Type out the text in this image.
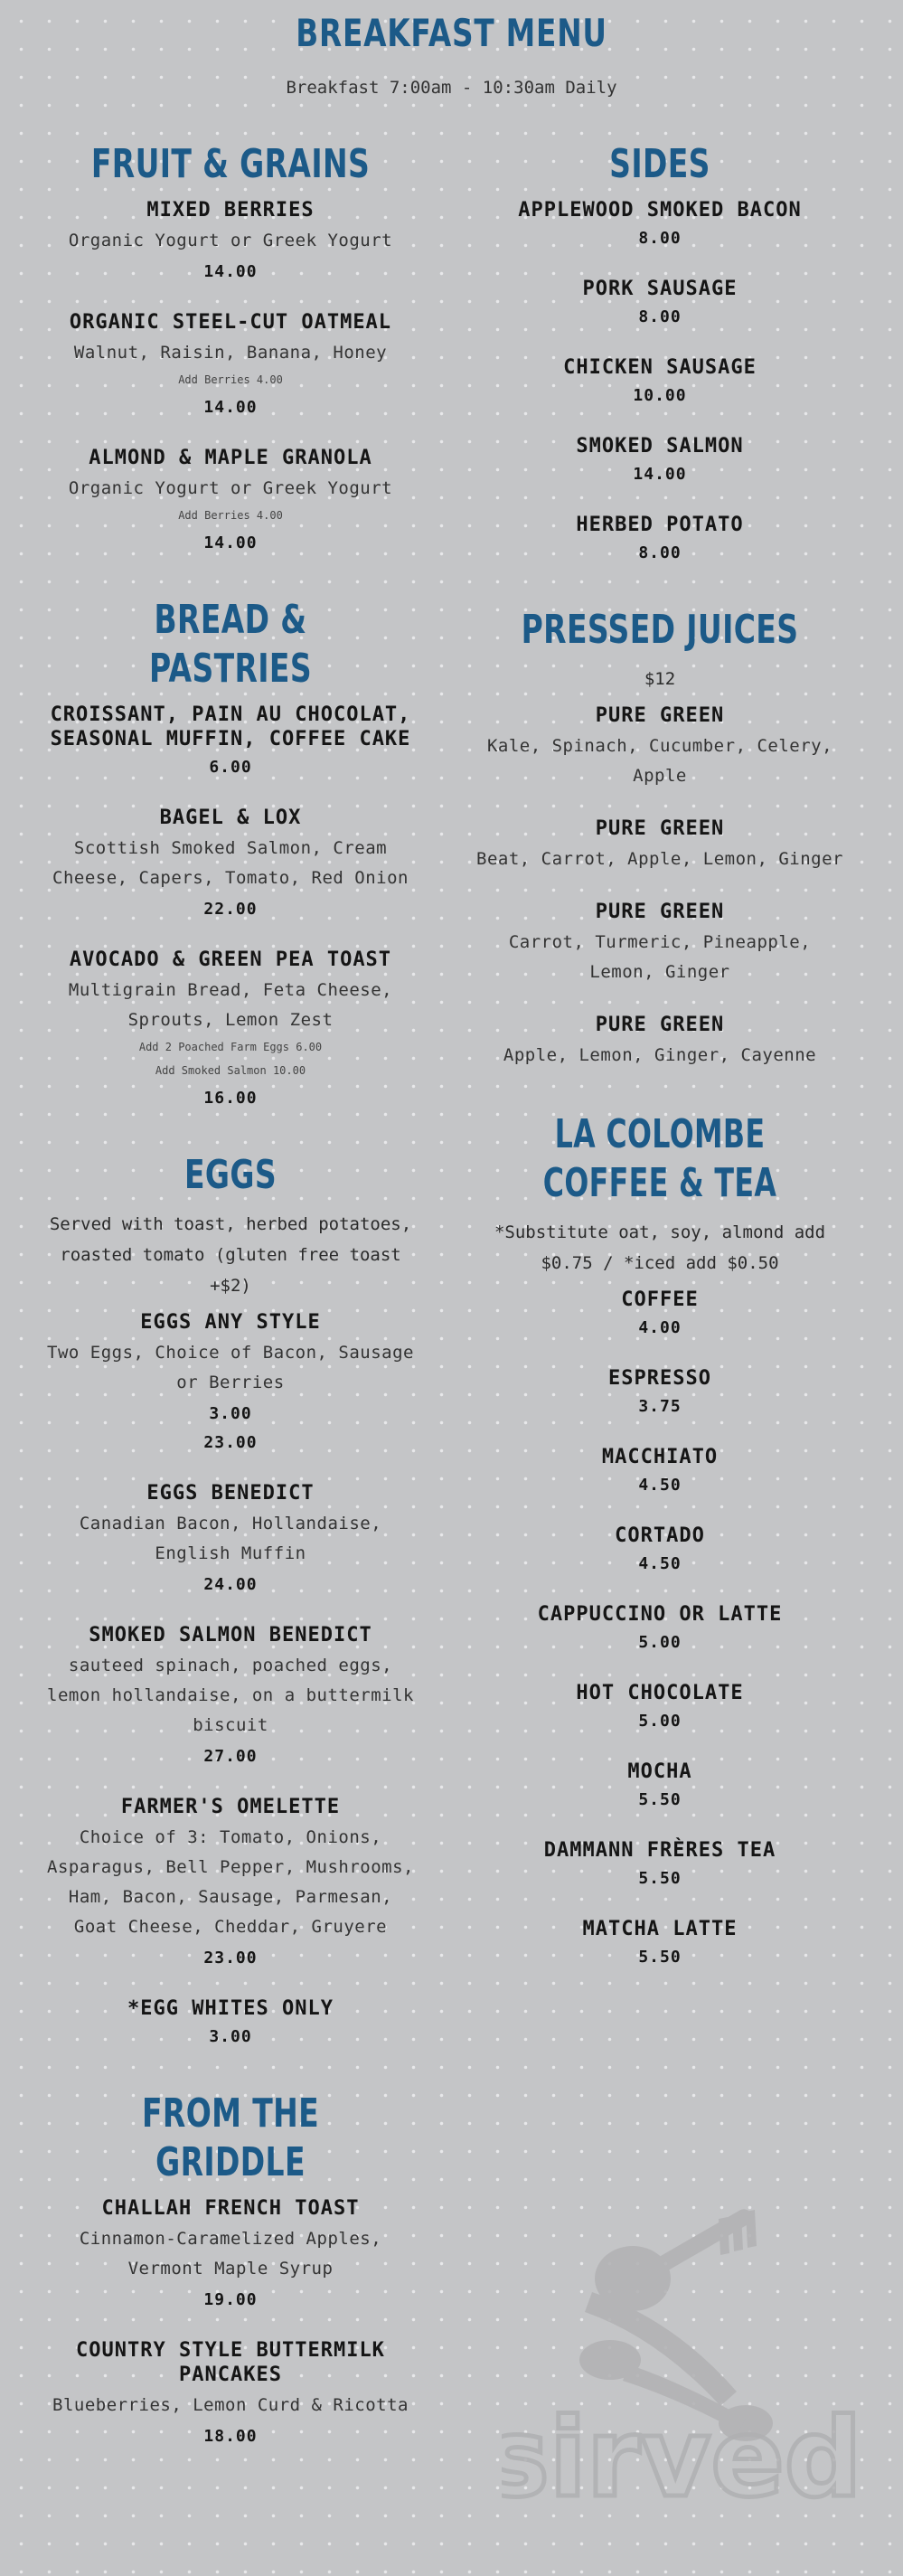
BREAKFAST MENU
Breakfast 7:00am - 10:30am Daily
FRUIT & GRAINS
MIXED BERRIES
Organic Yogurt or Greek Yogurt
14.00
ORGANIC STEEL-CUT OATMEAL
Walnut, Raisin, Banana, Honey
Add Berries 4.00
14.00
ALMOND & MAPLE GRANOLA
Organic Yogurt or Greek Yogurt
Add Berries 4.00
14.00
BREAD & PASTRIES
CROISSANT, PAIN AU CHOCOLAT, SEASONAL MUFFIN, COFFEE CAKE
6.00
BAGEL & LOX
Scottish Smoked Salmon, Cream Cheese, Capers, Tomato, Red Onion
22.00
AVOCADO & GREEN PEA TOAST
Multigrain Bread, Feta Cheese, Sprouts, Lemon Zest
Add 2 Poached Farm Eggs 6.00
Add Smoked Salmon 10.00
16.00
EGGS
Served with toast, herbed potatoes, roasted tomato (gluten free toast +$2)
EGGS ANY STYLE
Two Eggs, Choice of Bacon, Sausage or Berries
3.00
23.00
EGGS BENEDICT
Canadian Bacon, Hollandaise, English Muffin
24.00
SMOKED SALMON BENEDICT
sauteed spinach, poached eggs, lemon hollandaise, on a buttermilk biscuit
27.00
FARMER'S OMELETTE
Choice of 3: Tomato, Onions, Asparagus, Bell Pepper, Mushrooms, Ham, Bacon, Sausage, Parmesan, Goat Cheese, Cheddar, Gruyere
23.00
*EGG WHITES ONLY
3.00
FROM THE GRIDDLE
CHALLAH FRENCH TOAST
Cinnamon-Caramelized Apples, Vermont Maple Syrup
19.00
COUNTRY STYLE BUTTERMILK PANCAKES
Blueberries, Lemon Curd & Ricotta
18.00
SIDES
APPLEWOOD SMOKED BACON
8.00
PORK SAUSAGE
8.00
CHICKEN SAUSAGE
10.00
SMOKED SALMON
14.00
HERBED POTATO
8.00
PRESSED JUICES
$12
PURE GREEN
Kale, Spinach, Cucumber, Celery, Apple
PURE GREEN
Beat, Carrot, Apple, Lemon, Ginger
PURE GREEN
Carrot, Turmeric, Pineapple, Lemon, Ginger
PURE GREEN
Apple, Lemon, Ginger, Cayenne
LA COLOMBE COFFEE & TEA
*Substitute oat, soy, almond add $0.75 / *iced add $0.50
COFFEE
4.00
ESPRESSO
3.75
MACCHIATO
4.50
CORTADO
4.50
CAPPUCCINO OR LATTE
5.00
HOT CHOCOLATE
5.00
MOCHA
5.50
DAMMANN FRÈRES TEA
5.50
MATCHA LATTE
5.50
sirved
